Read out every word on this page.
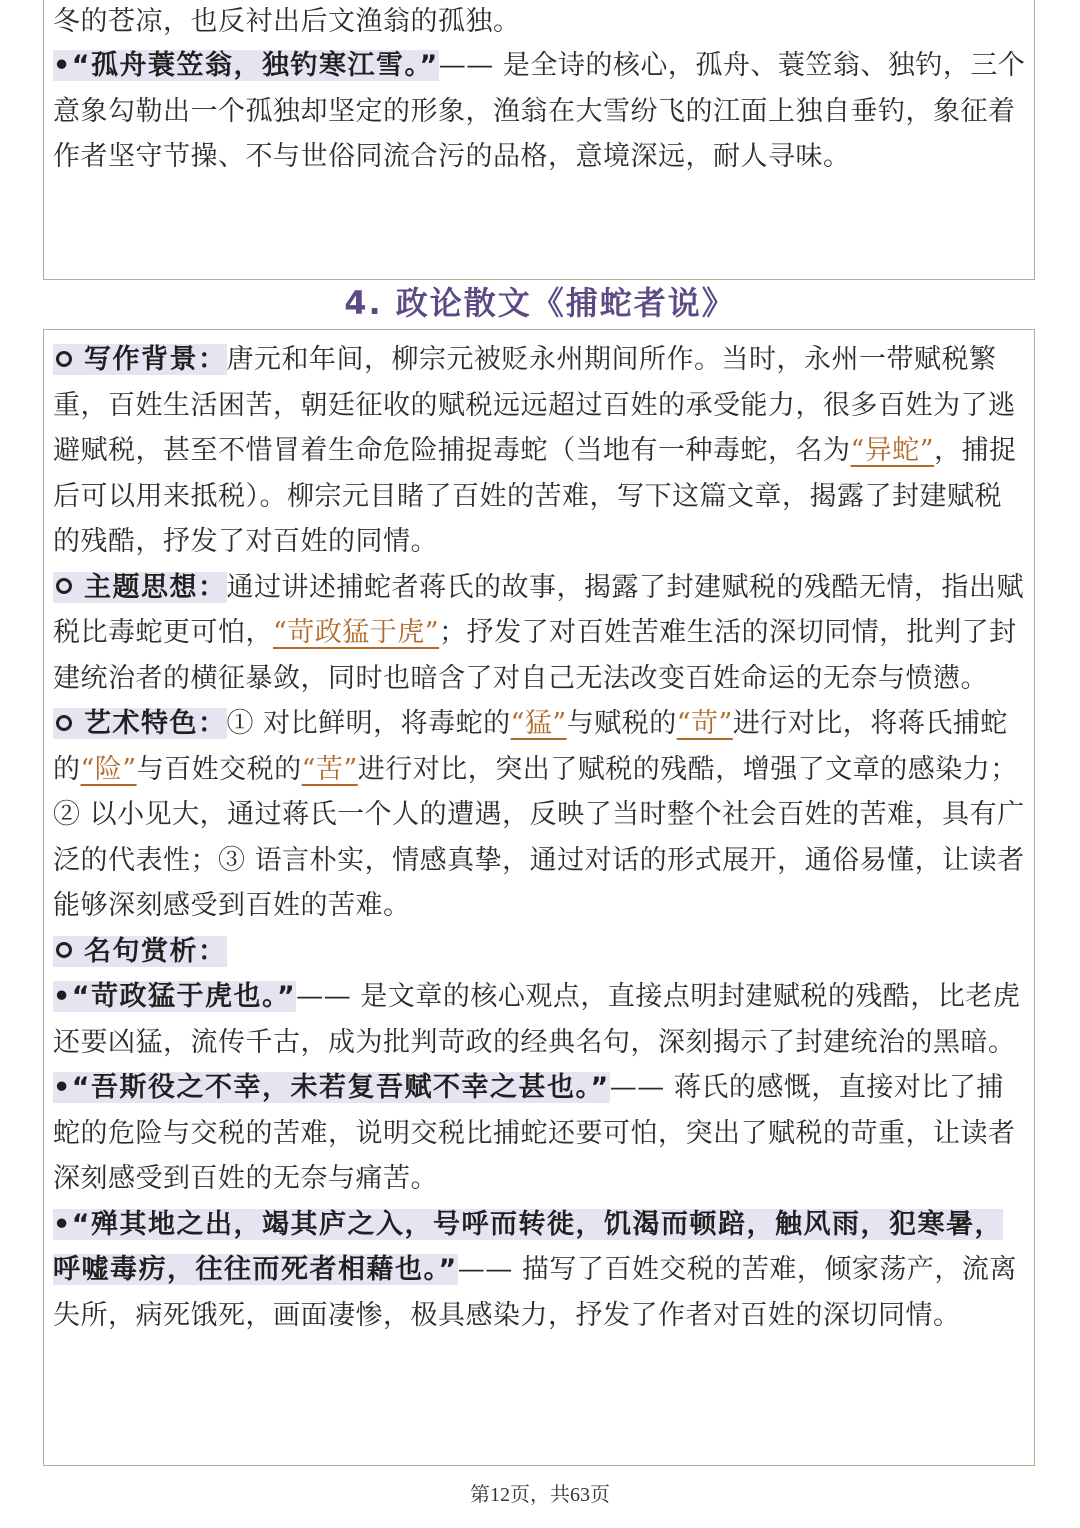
冬的苍凉，也反衬出后文渔翁的孤独。

•“孤舟蓑笠翁，独钓寒江雪。”—— 是全诗的核心，孤舟、蓑笠翁、独钓，三个意象勾勒出一个孤独却坚定的形象，渔翁在大雪纷飞的江面上独自垂钓，象征着作者坚守节操、不与世俗同流合污的品格，意境深远，耐人寻味。

4. 政论散文《捕蛇者说》

写作背景：唐元和年间，柳宗元被贬永州期间所作。当时，永州一带赋税繁重，百姓生活困苦，朝廷征收的赋税远远超过百姓的承受能力，很多百姓为了逃避赋税，甚至不惜冒着生命危险捕捉毒蛇（当地有一种毒蛇，名为“异蛇”，捕捉后可以用来抵税）。柳宗元目睹了百姓的苦难，写下这篇文章，揭露了封建赋税的残酷，抒发了对百姓的同情。

主题思想：通过讲述捕蛇者蒋氏的故事，揭露了封建赋税的残酷无情，指出赋税比毒蛇更可怕，“苛政猛于虎”；抒发了对百姓苦难生活的深切同情，批判了封建统治者的横征暴敛，同时也暗含了对自己无法改变百姓命运的无奈与愤懑。

艺术特色：① 对比鲜明，将毒蛇的“猛”与赋税的“苛”进行对比，将蒋氏捕蛇的“险”与百姓交税的“苦”进行对比，突出了赋税的残酷，增强了文章的感染力；② 以小见大，通过蒋氏一个人的遭遇，反映了当时整个社会百姓的苦难，具有广泛的代表性；③ 语言朴实，情感真挚，通过对话的形式展开，通俗易懂，让读者能够深刻感受到百姓的苦难。

名句赏析：

•“苛政猛于虎也。”—— 是文章的核心观点，直接点明封建赋税的残酷，比老虎还要凶猛，流传千古，成为批判苛政的经典名句，深刻揭示了封建统治的黑暗。

•“吾斯役之不幸，未若复吾赋不幸之甚也。”—— 蒋氏的感慨，直接对比了捕蛇的危险与交税的苦难，说明交税比捕蛇还要可怕，突出了赋税的苛重，让读者深刻感受到百姓的无奈与痛苦。

•“殚其地之出，竭其庐之入，号呼而转徙，饥渴而顿踣，触风雨，犯寒暑，呼嘘毒疠，往往而死者相藉也。”—— 描写了百姓交税的苦难，倾家荡产，流离失所，病死饿死，画面凄惨，极具感染力，抒发了作者对百姓的深切同情。

第12页，共63页
